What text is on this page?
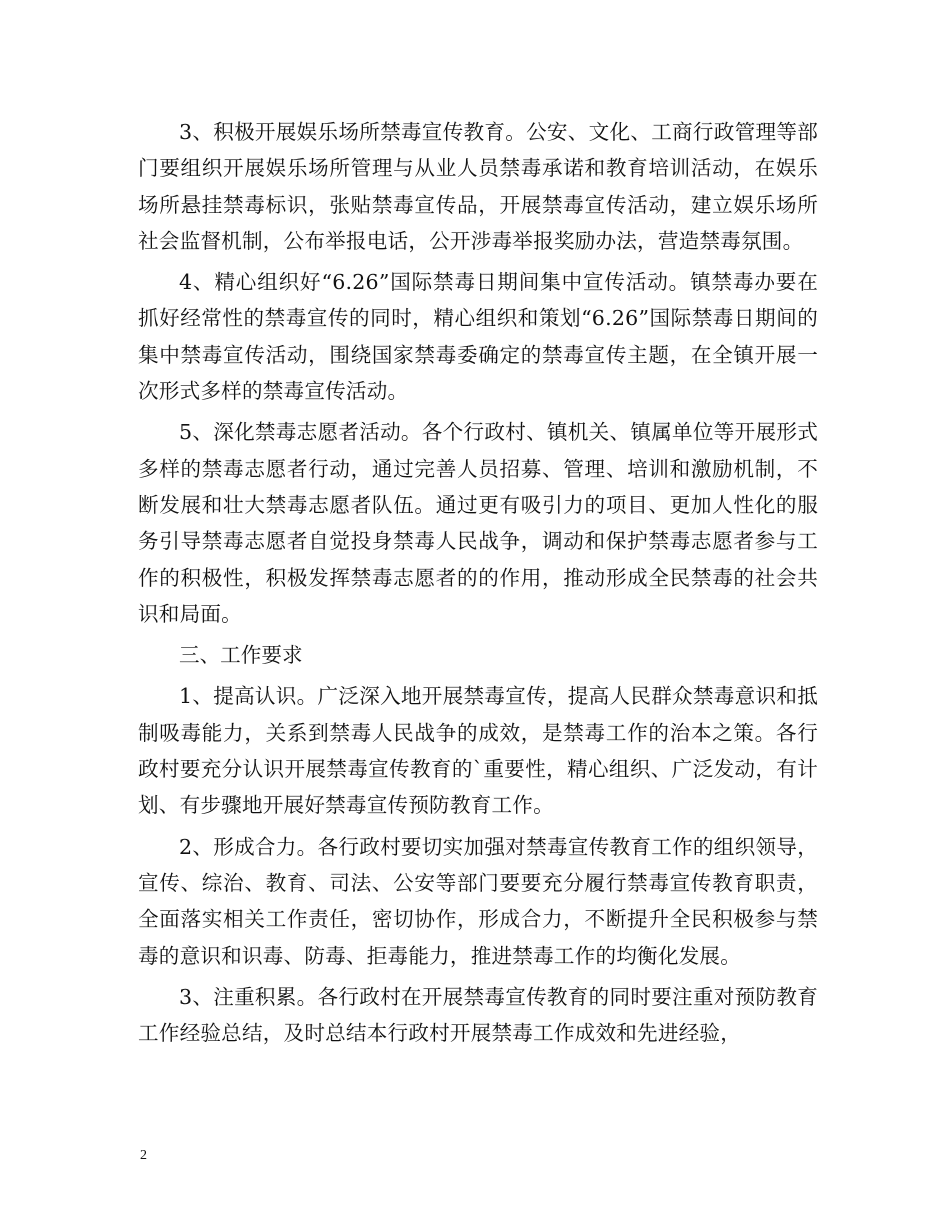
3、积极开展娱乐场所禁毒宣传教育。公安、文化、工商行政管理等部门要组织开展娱乐场所管理与从业人员禁毒承诺和教育培训活动，在娱乐场所悬挂禁毒标识，张贴禁毒宣传品，开展禁毒宣传活动，建立娱乐场所社会监督机制，公布举报电话，公开涉毒举报奖励办法，营造禁毒氛围。

4、精心组织好“6.26”国际禁毒日期间集中宣传活动。镇禁毒办要在抓好经常性的禁毒宣传的同时，精心组织和策划“6.26”国际禁毒日期间的集中禁毒宣传活动，围绕国家禁毒委确定的禁毒宣传主题，在全镇开展一次形式多样的禁毒宣传活动。

5、深化禁毒志愿者活动。各个行政村、镇机关、镇属单位等开展形式多样的禁毒志愿者行动，通过完善人员招募、管理、培训和激励机制，不断发展和壮大禁毒志愿者队伍。通过更有吸引力的项目、更加人性化的服务引导禁毒志愿者自觉投身禁毒人民战争，调动和保护禁毒志愿者参与工作的积极性，积极发挥禁毒志愿者的的作用，推动形成全民禁毒的社会共识和局面。

三、工作要求

1、提高认识。广泛深入地开展禁毒宣传，提高人民群众禁毒意识和抵制吸毒能力，关系到禁毒人民战争的成效，是禁毒工作的治本之策。各行政村要充分认识开展禁毒宣传教育的`重要性，精心组织、广泛发动，有计划、有步骤地开展好禁毒宣传预防教育工作。

2、形成合力。各行政村要切实加强对禁毒宣传教育工作的组织领导，宣传、综治、教育、司法、公安等部门要要充分履行禁毒宣传教育职责，全面落实相关工作责任，密切协作，形成合力，不断提升全民积极参与禁毒的意识和识毒、防毒、拒毒能力，推进禁毒工作的均衡化发展。

3、注重积累。各行政村在开展禁毒宣传教育的同时要注重对预防教育工作经验总结，及时总结本行政村开展禁毒工作成效和先进经验，

2
